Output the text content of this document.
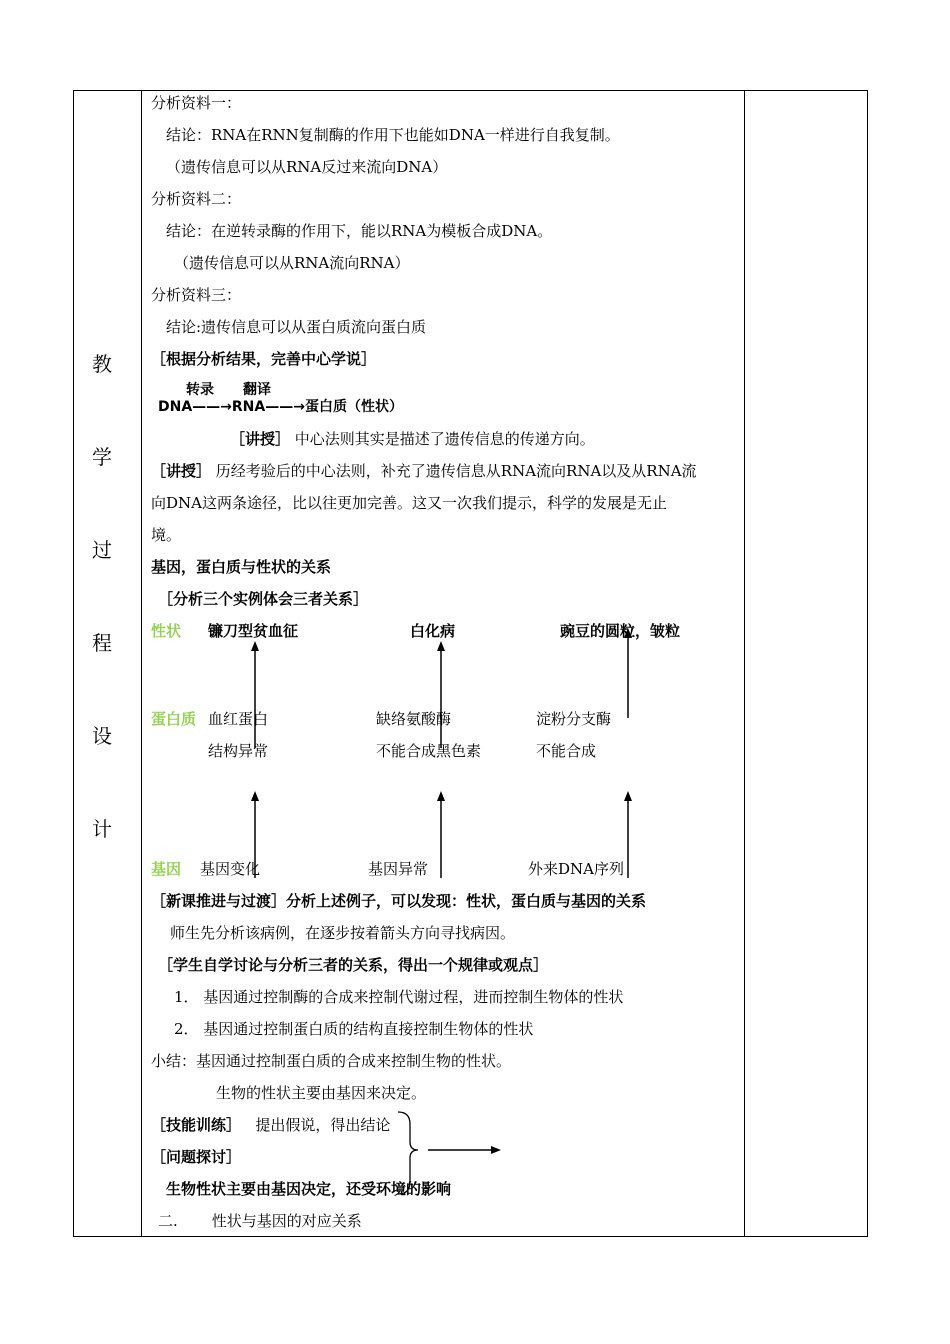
教
学
过
程
设
计
分析资料一：
结论：RNA在RNN复制酶的作用下也能如DNA一样进行自我复制。
（遗传信息可以从RNA反过来流向DNA）
分析资料二：
结论：在逆转录酶的作用下，能以RNA为模板合成DNA。
（遗传信息可以从RNA流向RNA）
分析资料三：
结论:遗传信息可以从蛋白质流向蛋白质
［根据分析结果，完善中心学说］
转录 翻译
DNA——→RNA——→蛋白质（性状）
［讲授］ 中心法则其实是描述了遗传信息的传递方向。
［讲授］ 历经考验后的中心法则，补充了遗传信息从RNA流向RNA以及从RNA流
向DNA这两条途径，比以往更加完善。这又一次我们提示，科学的发展是无止
境。
基因，蛋白质与性状的关系
［分析三个实例体会三者关系］
性状 镰刀型贫血征	白化病	豌豆的圆粒，皱粒
蛋白质 血红蛋白	缺络氨酸酶	淀粉分支酶
结构异常	不能合成黑色素	不能合成
基因 基因变化	基因异常	外来DNA序列
［新课推进与过渡］分析上述例子，可以发现：性状，蛋白质与基因的关系
师生先分析该病例，在逐步按着箭头方向寻找病因。
［学生自学讨论与分析三者的关系，得出一个规律或观点］
1． 基因通过控制酶的合成来控制代谢过程，进而控制生物体的性状
2． 基因通过控制蛋白质的结构直接控制生物体的性状
小结：基因通过控制蛋白质的合成来控制生物的性状。
生物的性状主要由基因来决定。
［技能训练］ 提出假说，得出结论
［问题探讨］
生物性状主要由基因决定，还受环境的影响
二. 性状与基因的对应关系
